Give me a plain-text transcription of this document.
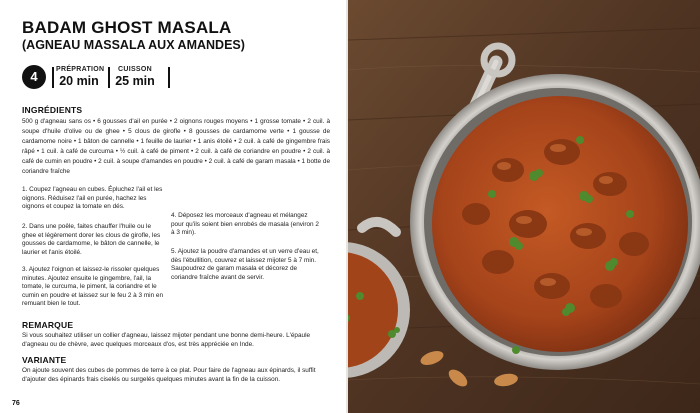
BADAM GHOST MASALA
(AGNEAU MASSALA AUX AMANDES)
4	PRÉPRATION
20 min
CUISSON
25 min
INGRÉDIENTS
500 g d'agneau sans os • 6 gousses d'ail en purée • 2 oignons rouges moyens • 1 grosse tomate • 2 cuil. à soupe d'huile d'olive ou de ghee • 5 clous de girofle • 8 gousses de cardamome verte • 1 gousse de cardamome noire • 1 bâton de cannelle • 1 feuille de laurier • 1 anis étoilé • 2 cuil. à café de gingembre frais râpé • 1 cuil. à café de curcuma • ½ cuil. à café de piment • 2 cuil. à café de coriandre en poudre • 2 cuil. à café de cumin en poudre • 2 cuil. à soupe d'amandes en poudre • 2 cuil. à café de garam masala • 1 botte de coriandre fraîche
1. Coupez l'agneau en cubes. Épluchez l'ail et les oignons. Réduisez l'ail en purée, hachez les oignons et coupez la tomate en dés.
2. Dans une poêle, faites chauffer l'huile ou le ghee et légèrement dorer les clous de girofle, les gousses de cardamome, le bâton de cannelle, le laurier et l'anis étoilé.
3. Ajoutez l'oignon et laissez-le rissoler quelques minutes. Ajoutez ensuite le gingembre, l'ail, la tomate, le curcuma, le piment, la coriandre et le cumin en poudre et laissez sur le feu 2 à 3 min en remuant bien le tout.
4. Déposez les morceaux d'agneau et mélangez pour qu'ils soient bien enrobés de masala (environ 2 à 3 min).
5. Ajoutez la poudre d'amandes et un verre d'eau et, dès l'ébullition, couvrez et laissez mijoter 5 à 7 min. Saupoudrez de garam masala et décorez de coriandre fraîche avant de servir.
REMARQUE
Si vous souhaitez utiliser un collier d'agneau, laissez mijoter pendant une bonne demi-heure. L'épaule d'agneau ou de chèvre, avec quelques morceaux d'os, est très appréciée en Inde.
VARIANTE
On ajoute souvent des cubes de pommes de terre à ce plat. Pour faire de l'agneau aux épinards, il suffit d'ajouter des épinards frais ciselés ou surgelés quelques minutes avant la fin de la cuisson.
76
